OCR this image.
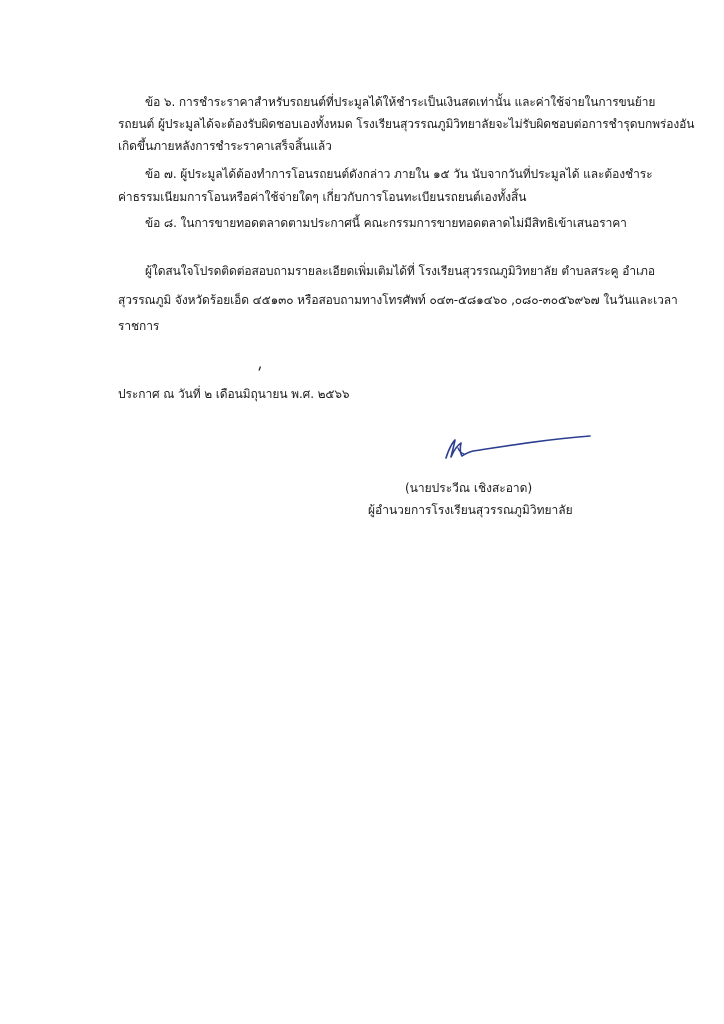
ข้อ ๖. การชำระราคาสำหรับรถยนต์ที่ประมูลได้ให้ชำระเป็นเงินสดเท่านั้น และค่าใช้จ่ายในการขนย้าย
รถยนต์ ผู้ประมูลได้จะต้องรับผิดชอบเองทั้งหมด โรงเรียนสุวรรณภูมิวิทยาลัยจะไม่รับผิดชอบต่อการชำรุดบกพร่องอัน
เกิดขึ้นภายหลังการชำระราคาเสร็จสิ้นแล้ว
ข้อ ๗. ผู้ประมูลได้ต้องทำการโอนรถยนต์ดังกล่าว ภายใน ๑๕ วัน นับจากวันที่ประมูลได้ และต้องชำระ
ค่าธรรมเนียมการโอนหรือค่าใช้จ่ายใดๆ เกี่ยวกับการโอนทะเบียนรถยนต์เองทั้งสิ้น
ข้อ ๘. ในการขายทอดตลาดตามประกาศนี้ คณะกรรมการขายทอดตลาดไม่มีสิทธิเข้าเสนอราคา
ผู้ใดสนใจโปรดติดต่อสอบถามรายละเอียดเพิ่มเติมได้ที่ โรงเรียนสุวรรณภูมิวิทยาลัย ตำบลสระคู อำเภอ
สุวรรณภูมิ จังหวัดร้อยเอ็ด ๔๕๑๓๐ หรือสอบถามทางโทรศัพท์ ๐๔๓-๕๘๑๔๖๐ ,๐๘๐-๓๐๕๖๙๖๗ ในวันและเวลา
ราชการ
ประกาศ ณ วันที่ ๒ เดือนมิถุนายน พ.ศ. ๒๕๖๖
(นายประวีณ เชิงสะอาด)
ผู้อำนวยการโรงเรียนสุวรรณภูมิวิทยาลัย
